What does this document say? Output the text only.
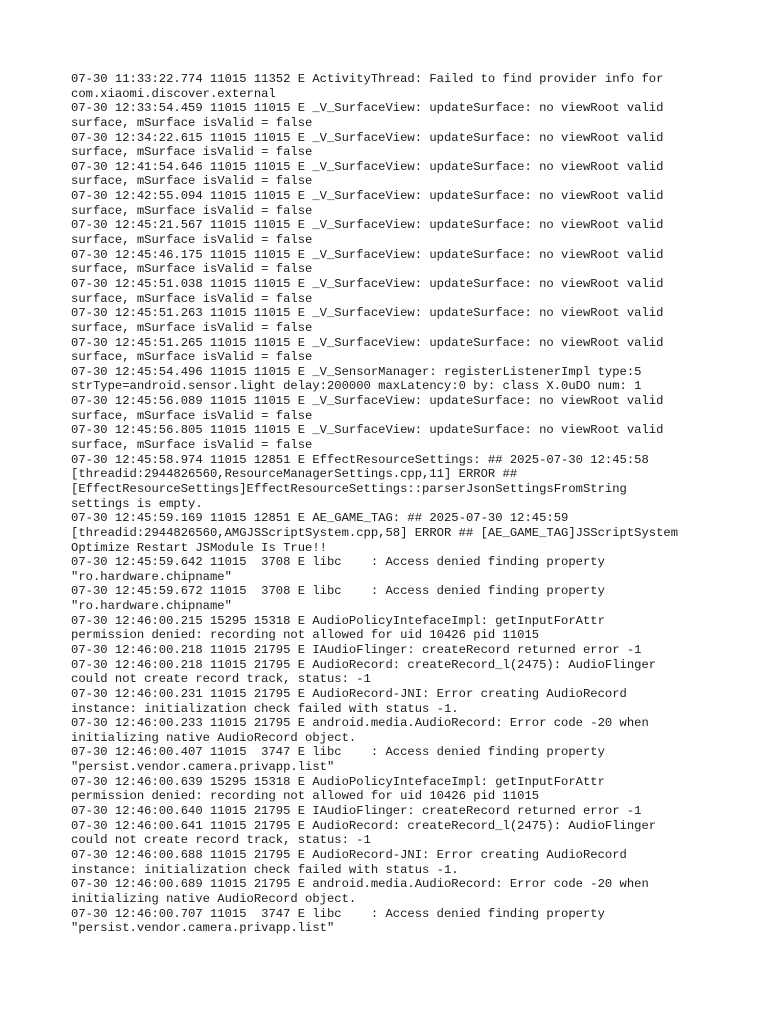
07-30 11:33:22.774 11015 11352 E ActivityThread: Failed to find provider info for
com.xiaomi.discover.external
07-30 12:33:54.459 11015 11015 E _V_SurfaceView: updateSurface: no viewRoot valid
surface, mSurface isValid = false
07-30 12:34:22.615 11015 11015 E _V_SurfaceView: updateSurface: no viewRoot valid
surface, mSurface isValid = false
07-30 12:41:54.646 11015 11015 E _V_SurfaceView: updateSurface: no viewRoot valid
surface, mSurface isValid = false
07-30 12:42:55.094 11015 11015 E _V_SurfaceView: updateSurface: no viewRoot valid
surface, mSurface isValid = false
07-30 12:45:21.567 11015 11015 E _V_SurfaceView: updateSurface: no viewRoot valid
surface, mSurface isValid = false
07-30 12:45:46.175 11015 11015 E _V_SurfaceView: updateSurface: no viewRoot valid
surface, mSurface isValid = false
07-30 12:45:51.038 11015 11015 E _V_SurfaceView: updateSurface: no viewRoot valid
surface, mSurface isValid = false
07-30 12:45:51.263 11015 11015 E _V_SurfaceView: updateSurface: no viewRoot valid
surface, mSurface isValid = false
07-30 12:45:51.265 11015 11015 E _V_SurfaceView: updateSurface: no viewRoot valid
surface, mSurface isValid = false
07-30 12:45:54.496 11015 11015 E _V_SensorManager: registerListenerImpl type:5
strType=android.sensor.light delay:200000 maxLatency:0 by: class X.0uDO num: 1
07-30 12:45:56.089 11015 11015 E _V_SurfaceView: updateSurface: no viewRoot valid
surface, mSurface isValid = false
07-30 12:45:56.805 11015 11015 E _V_SurfaceView: updateSurface: no viewRoot valid
surface, mSurface isValid = false
07-30 12:45:58.974 11015 12851 E EffectResourceSettings: ## 2025-07-30 12:45:58
[threadid:2944826560,ResourceManagerSettings.cpp,11] ERROR ##
[EffectResourceSettings]EffectResourceSettings::parserJsonSettingsFromString
settings is empty.
07-30 12:45:59.169 11015 12851 E AE_GAME_TAG: ## 2025-07-30 12:45:59
[threadid:2944826560,AMGJSScriptSystem.cpp,58] ERROR ## [AE_GAME_TAG]JSScriptSystem
Optimize Restart JSModule Is True!!
07-30 12:45:59.642 11015  3708 E libc    : Access denied finding property
"ro.hardware.chipname"
07-30 12:45:59.672 11015  3708 E libc    : Access denied finding property
"ro.hardware.chipname"
07-30 12:46:00.215 15295 15318 E AudioPolicyIntefaceImpl: getInputForAttr
permission denied: recording not allowed for uid 10426 pid 11015
07-30 12:46:00.218 11015 21795 E IAudioFlinger: createRecord returned error -1
07-30 12:46:00.218 11015 21795 E AudioRecord: createRecord_l(2475): AudioFlinger
could not create record track, status: -1
07-30 12:46:00.231 11015 21795 E AudioRecord-JNI: Error creating AudioRecord
instance: initialization check failed with status -1.
07-30 12:46:00.233 11015 21795 E android.media.AudioRecord: Error code -20 when
initializing native AudioRecord object.
07-30 12:46:00.407 11015  3747 E libc    : Access denied finding property
"persist.vendor.camera.privapp.list"
07-30 12:46:00.639 15295 15318 E AudioPolicyIntefaceImpl: getInputForAttr
permission denied: recording not allowed for uid 10426 pid 11015
07-30 12:46:00.640 11015 21795 E IAudioFlinger: createRecord returned error -1
07-30 12:46:00.641 11015 21795 E AudioRecord: createRecord_l(2475): AudioFlinger
could not create record track, status: -1
07-30 12:46:00.688 11015 21795 E AudioRecord-JNI: Error creating AudioRecord
instance: initialization check failed with status -1.
07-30 12:46:00.689 11015 21795 E android.media.AudioRecord: Error code -20 when
initializing native AudioRecord object.
07-30 12:46:00.707 11015  3747 E libc    : Access denied finding property
"persist.vendor.camera.privapp.list"
